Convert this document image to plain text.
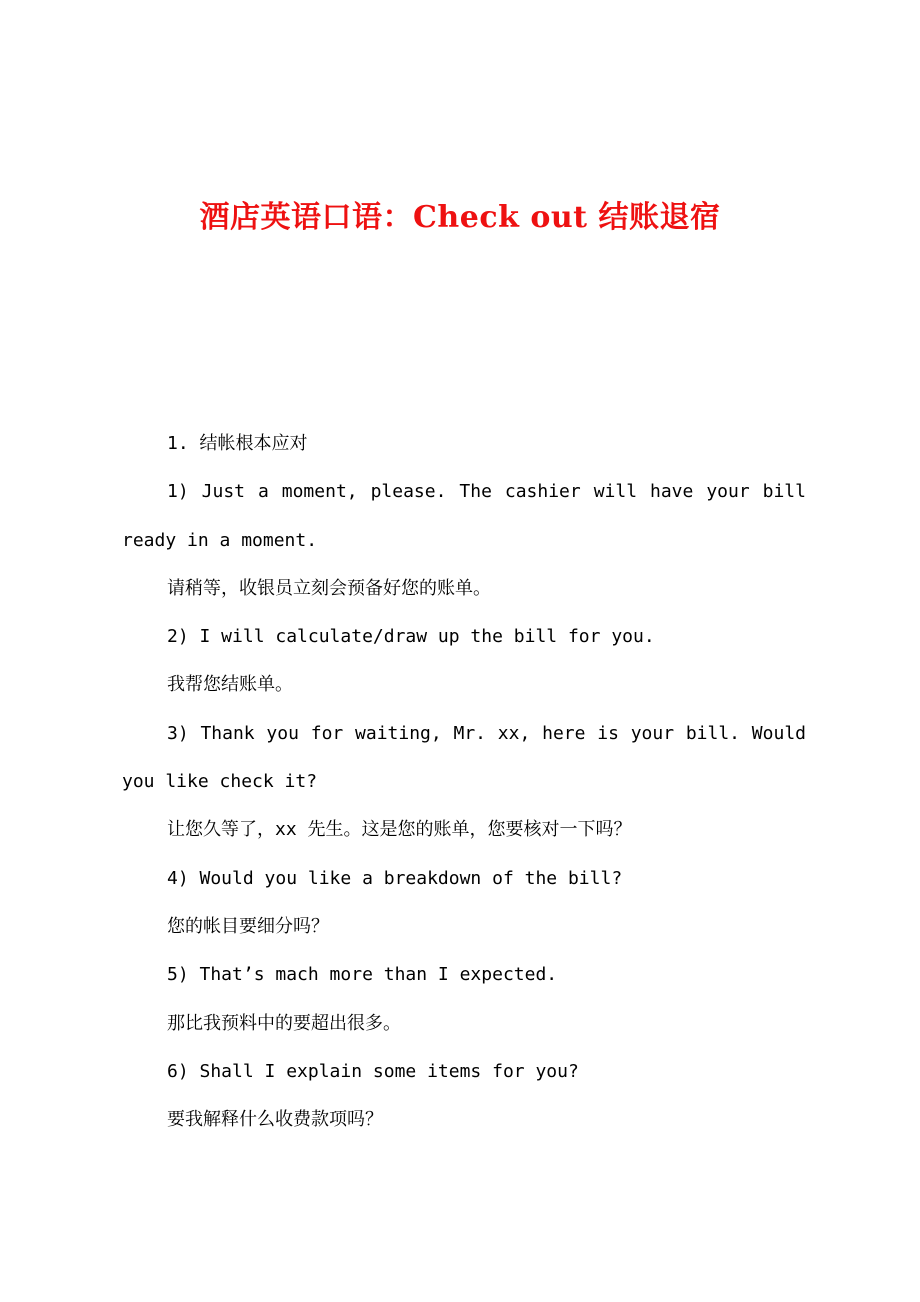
酒店英语口语：Check out 结账退宿

1. 结帐根本应对

1) Just a moment, please. The cashier will have your bill ready in a moment.

请稍等，收银员立刻会预备好您的账单。

2) I will calculate/draw up the bill for you.

我帮您结账单。

3) Thank you for waiting, Mr. xx, here is your bill. Would you like check it?

让您久等了，xx 先生。这是您的账单，您要核对一下吗？

4) Would you like a breakdown of the bill?

您的帐目要细分吗？

5) That’s mach more than I expected.

那比我预料中的要超出很多。

6) Shall I explain some items for you?

要我解释什么收费款项吗？
